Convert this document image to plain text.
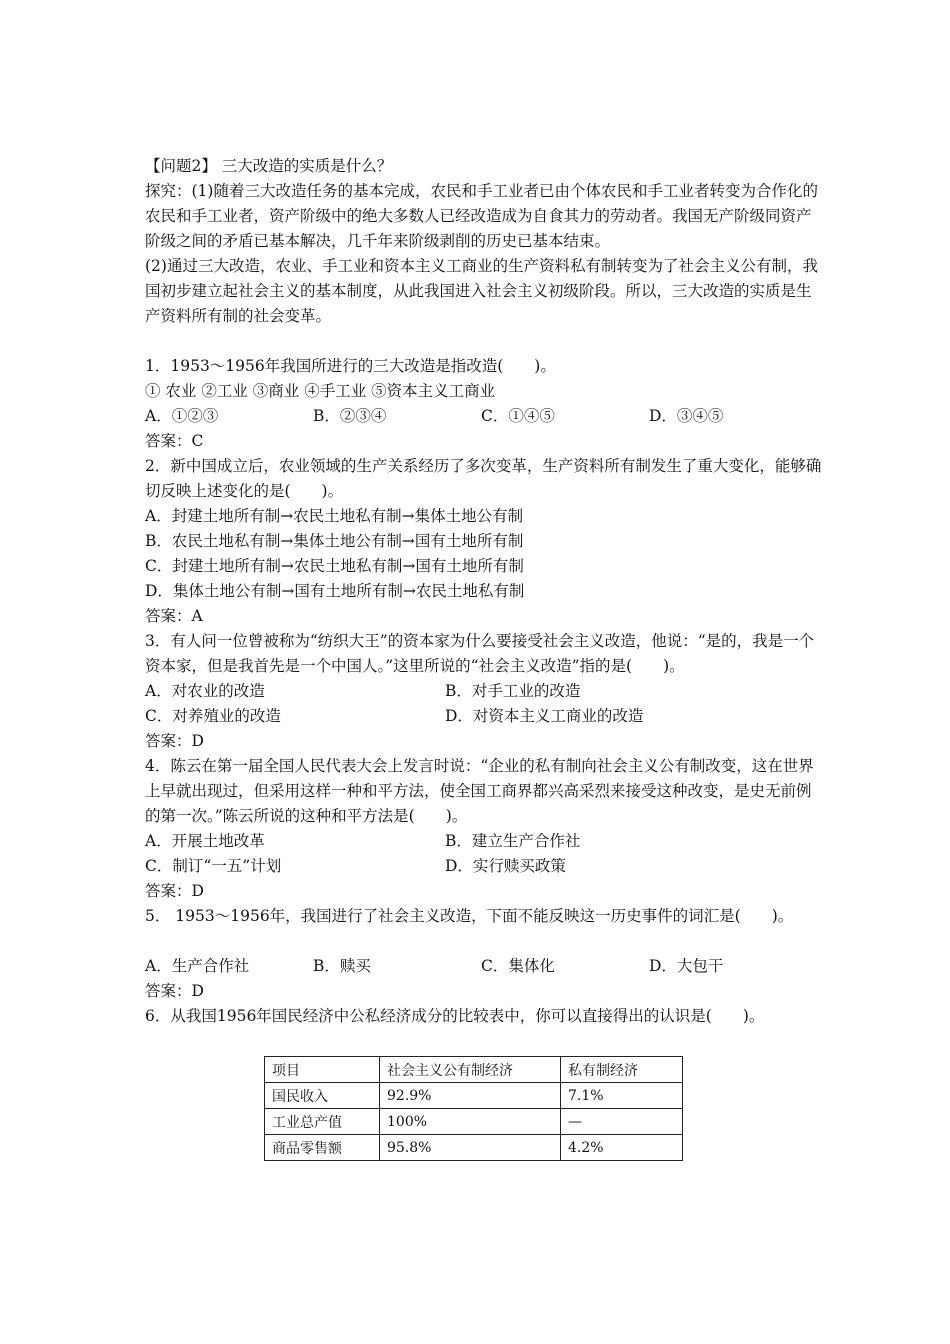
【问题2】 三大改造的实质是什么？
探究：(1)随着三大改造任务的基本完成，农民和手工业者已由个体农民和手工业者转变为合作化的农民和手工业者，资产阶级中的绝大多数人已经改造成为自食其力的劳动者。我国无产阶级同资产阶级之间的矛盾已基本解决，几千年来阶级剥削的历史已基本结束。
(2)通过三大改造，农业、手工业和资本主义工商业的生产资料私有制转变为了社会主义公有制，我国初步建立起社会主义的基本制度，从此我国进入社会主义初级阶段。所以，三大改造的实质是生产资料所有制的社会变革。
1．1953～1956年我国所进行的三大改造是指改造(　　)。
① 农业 ②工业 ③商业 ④手工业 ⑤资本主义工商业
A．①②③	B．②③④	C．①④⑤	D．③④⑤
答案：C
2．新中国成立后，农业领域的生产关系经历了多次变革，生产资料所有制发生了重大变化，能够确切反映上述变化的是(　　)。
A．封建土地所有制→农民土地私有制→集体土地公有制
B．农民土地私有制→集体土地公有制→国有土地所有制
C．封建土地所有制→农民土地私有制→国有土地所有制
D．集体土地公有制→国有土地所有制→农民土地私有制
答案：A
3．有人问一位曾被称为“纺织大王”的资本家为什么要接受社会主义改造，他说：“是的，我是一个资本家，但是我首先是一个中国人。”这里所说的“社会主义改造”指的是(　　)。
A．对农业的改造	B．对手工业的改造
C．对养殖业的改造	D．对资本主义工商业的改造
答案：D
4．陈云在第一届全国人民代表大会上发言时说：“企业的私有制向社会主义公有制改变，这在世界上早就出现过，但采用这样一种和平方法，使全国工商界都兴高采烈来接受这种改变，是史无前例的第一次。”陈云所说的这种和平方法是(　　)。
A．开展土地改革	B．建立生产合作社
C．制订“一五”计划	D．实行赎买政策
答案：D
5． 1953～1956年，我国进行了社会主义改造，下面不能反映这一历史事件的词汇是(　　)。
A．生产合作社	B．赎买	C．集体化	D．大包干
答案：D
6．从我国1956年国民经济中公私经济成分的比较表中，你可以直接得出的认识是(　　)。
项目	社会主义公有制经济	私有制经济
国民收入	92.9%	7.1%
工业总产值	100%	—
商品零售额	95.8%	4.2%
